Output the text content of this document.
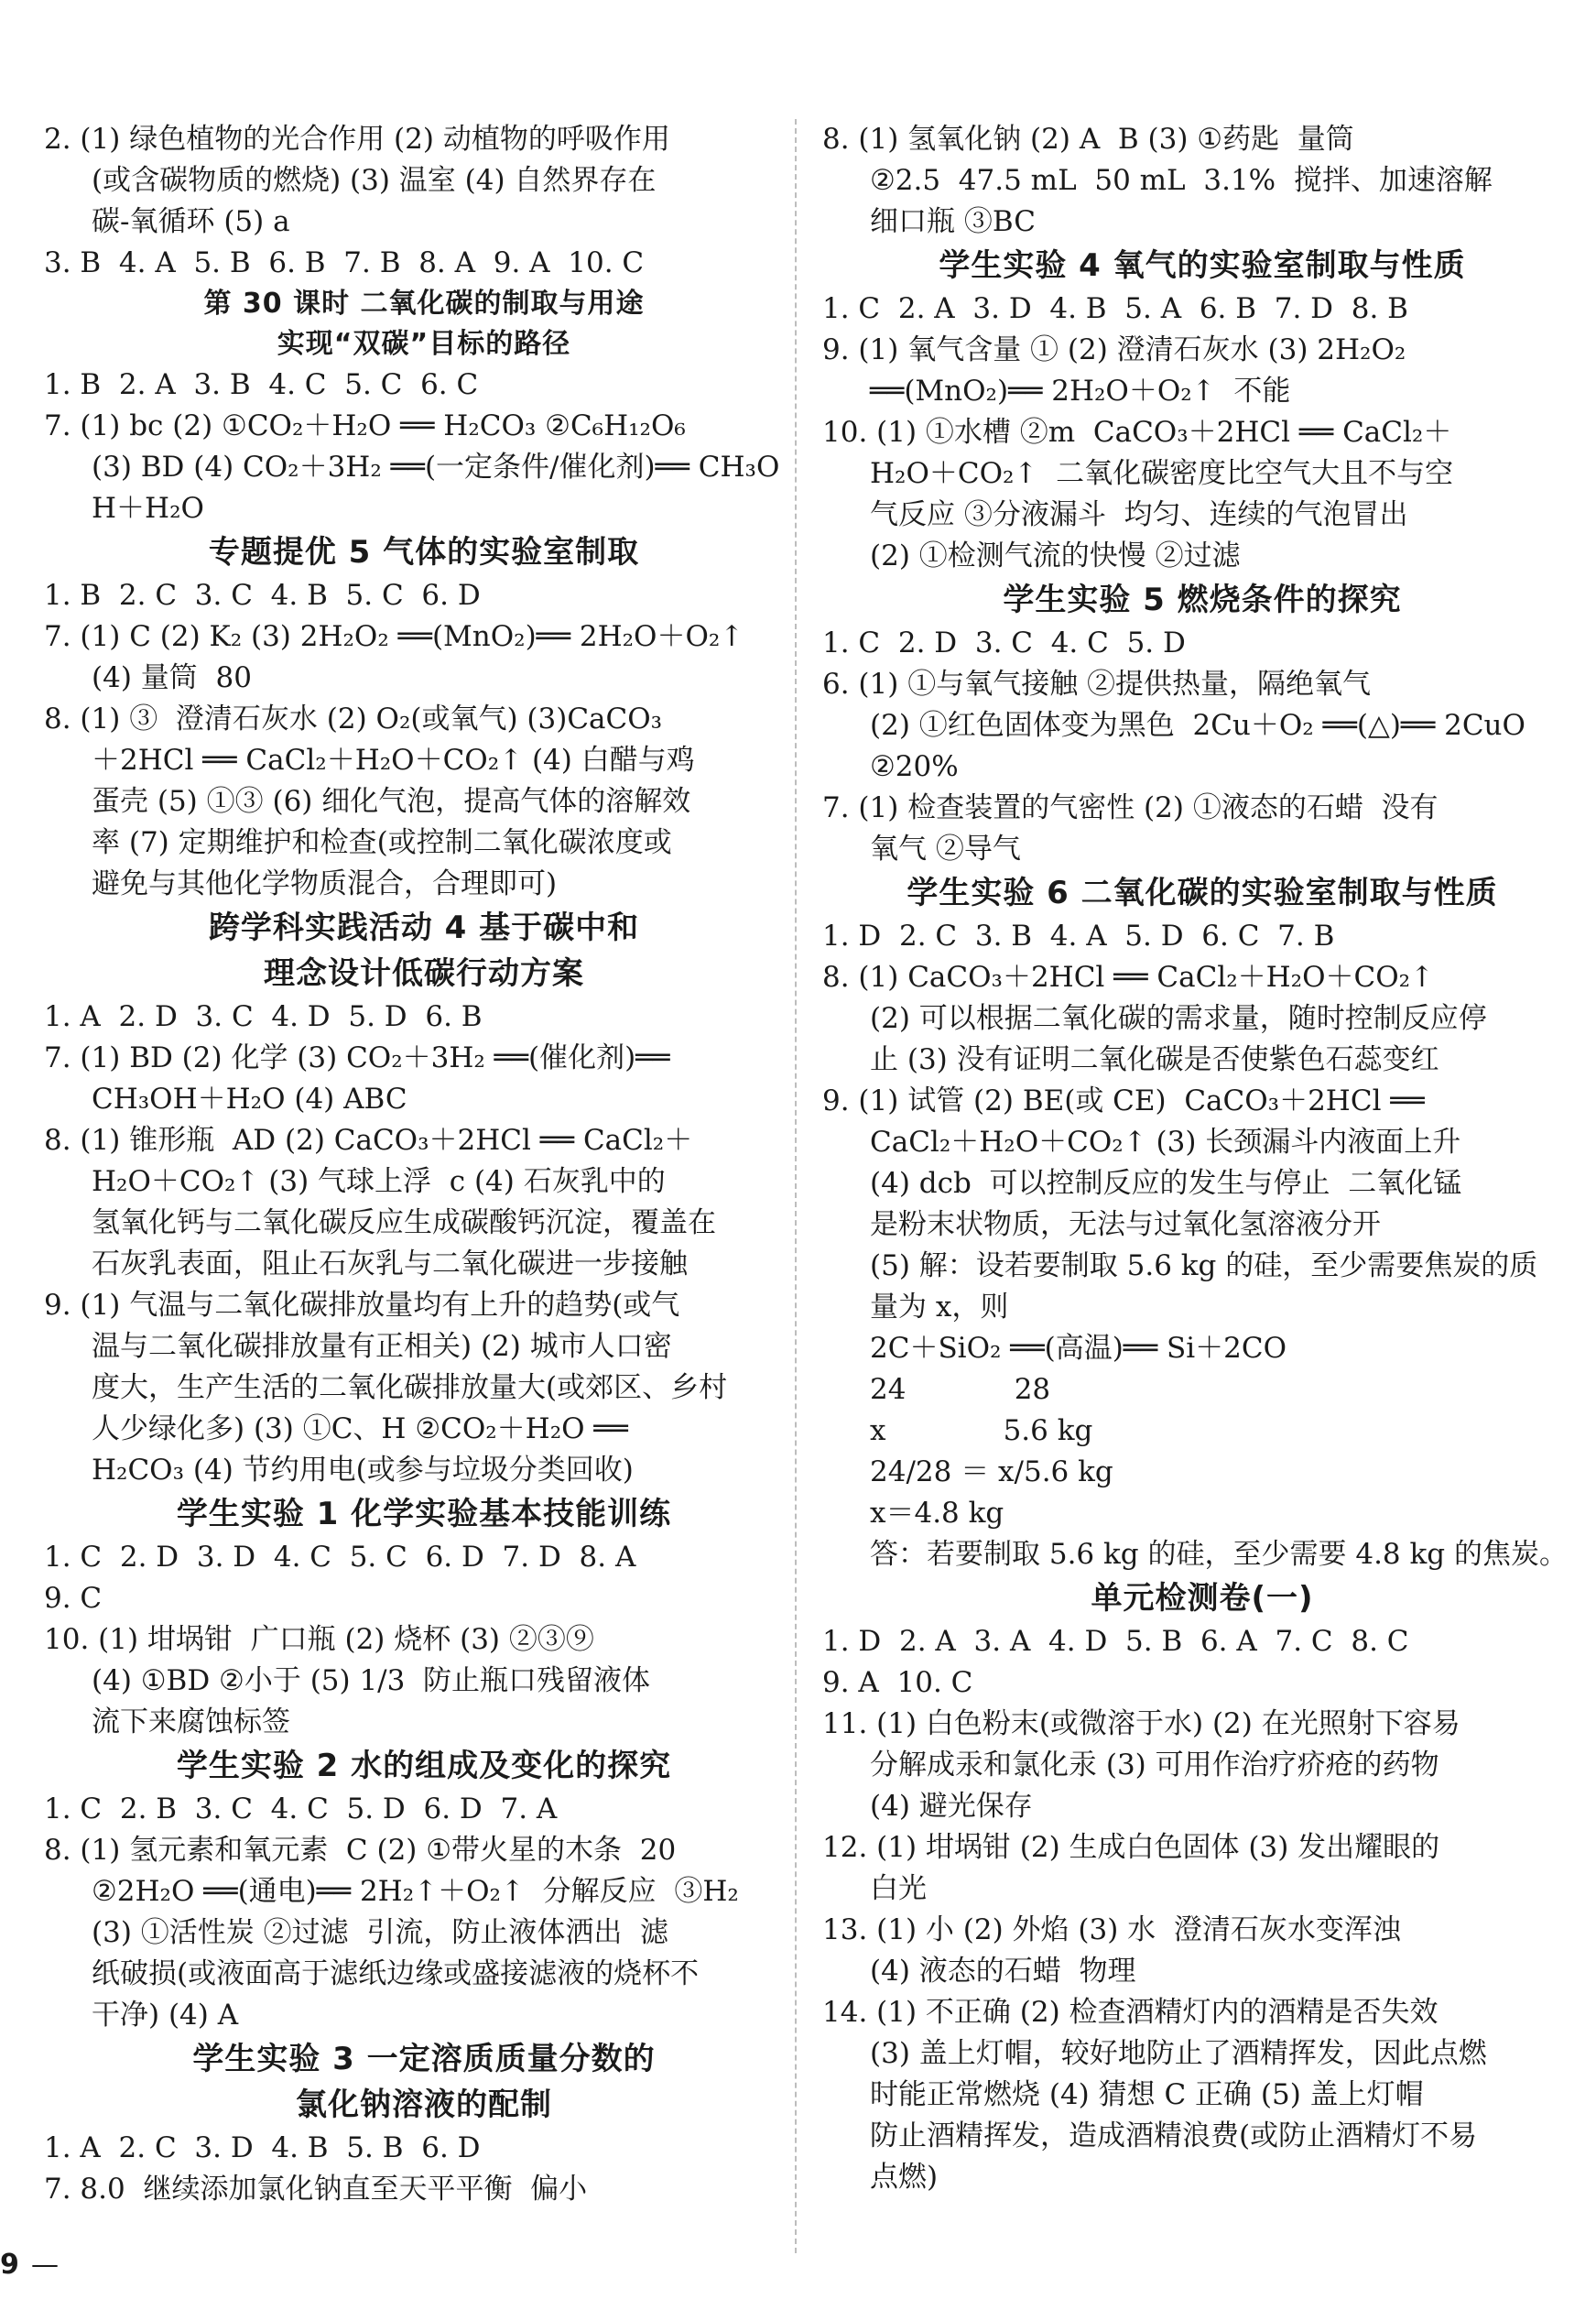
2. (1) 绿色植物的光合作用 (2) 动植物的呼吸作用
(或含碳物质的燃烧) (3) 温室 (4) 自然界存在
碳-氧循环 (5) a
3. B  4. A  5. B  6. B  7. B  8. A  9. A  10. C
第 30 课时 二氧化碳的制取与用途
实现“双碳”目标的路径
1. B  2. A  3. B  4. C  5. C  6. C
7. (1) bc (2) ①CO₂＋H₂O ══ H₂CO₃ ②C₆H₁₂O₆
(3) BD (4) CO₂＋3H₂ ══(一定条件/催化剂)══ CH₃OH＋H₂O
专题提优 5 气体的实验室制取
1. B  2. C  3. C  4. B  5. C  6. D
7. (1) C (2) K₂ (3) 2H₂O₂ ══(MnO₂)══ 2H₂O＋O₂↑
(4) 量筒  80
8. (1) ③  澄清石灰水 (2) O₂(或氧气) (3)CaCO₃
＋2HCl ══ CaCl₂＋H₂O＋CO₂↑ (4) 白醋与鸡
蛋壳 (5) ①③ (6) 细化气泡，提高气体的溶解效
率 (7) 定期维护和检查(或控制二氧化碳浓度或
避免与其他化学物质混合，合理即可)
跨学科实践活动 4 基于碳中和
理念设计低碳行动方案
1. A  2. D  3. C  4. D  5. D  6. B
7. (1) BD (2) 化学 (3) CO₂＋3H₂ ══(催化剂)══
CH₃OH＋H₂O (4) ABC
8. (1) 锥形瓶  AD (2) CaCO₃＋2HCl ══ CaCl₂＋
H₂O＋CO₂↑ (3) 气球上浮  c (4) 石灰乳中的
氢氧化钙与二氧化碳反应生成碳酸钙沉淀，覆盖在
石灰乳表面，阻止石灰乳与二氧化碳进一步接触
9. (1) 气温与二氧化碳排放量均有上升的趋势(或气
温与二氧化碳排放量有正相关) (2) 城市人口密
度大，生产生活的二氧化碳排放量大(或郊区、乡村
人少绿化多) (3) ①C、H ②CO₂＋H₂O ══
H₂CO₃ (4) 节约用电(或参与垃圾分类回收)
学生实验 1 化学实验基本技能训练
1. C  2. D  3. D  4. C  5. C  6. D  7. D  8. A
9. C
10. (1) 坩埚钳  广口瓶 (2) 烧杯 (3) ②③⑨
(4) ①BD ②小于 (5) 1/3  防止瓶口残留液体
流下来腐蚀标签
学生实验 2 水的组成及变化的探究
1. C  2. B  3. C  4. C  5. D  6. D  7. A
8. (1) 氢元素和氧元素  C (2) ①带火星的木条  20
②2H₂O ══(通电)══ 2H₂↑＋O₂↑  分解反应  ③H₂
(3) ①活性炭 ②过滤  引流，防止液体洒出  滤
纸破损(或液面高于滤纸边缘或盛接滤液的烧杯不
干净) (4) A
学生实验 3 一定溶质质量分数的
氯化钠溶液的配制
1. A  2. C  3. D  4. B  5. B  6. D
7. 8.0  继续添加氯化钠直至天平平衡  偏小
8. (1) 氢氧化钠 (2) A  B (3) ①药匙  量筒
②2.5  47.5 mL  50 mL  3.1%  搅拌、加速溶解
细口瓶 ③BC
学生实验 4 氧气的实验室制取与性质
1. C  2. A  3. D  4. B  5. A  6. B  7. D  8. B
9. (1) 氧气含量 ① (2) 澄清石灰水 (3) 2H₂O₂
══(MnO₂)══ 2H₂O＋O₂↑  不能
10. (1) ①水槽 ②m  CaCO₃＋2HCl ══ CaCl₂＋
H₂O＋CO₂↑  二氧化碳密度比空气大且不与空
气反应 ③分液漏斗  均匀、连续的气泡冒出
(2) ①检测气流的快慢 ②过滤
学生实验 5 燃烧条件的探究
1. C  2. D  3. C  4. C  5. D
6. (1) ①与氧气接触 ②提供热量，隔绝氧气
(2) ①红色固体变为黑色  2Cu＋O₂ ══(△)══ 2CuO
②20%
7. (1) 检查装置的气密性 (2) ①液态的石蜡  没有
氧气 ②导气
学生实验 6 二氧化碳的实验室制取与性质
1. D  2. C  3. B  4. A  5. D  6. C  7. B
8. (1) CaCO₃＋2HCl ══ CaCl₂＋H₂O＋CO₂↑
(2) 可以根据二氧化碳的需求量，随时控制反应停
止 (3) 没有证明二氧化碳是否使紫色石蕊变红
9. (1) 试管 (2) BE(或 CE)  CaCO₃＋2HCl ══
CaCl₂＋H₂O＋CO₂↑ (3) 长颈漏斗内液面上升
(4) dcb  可以控制反应的发生与停止  二氧化锰
是粉末状物质，无法与过氧化氢溶液分开
(5) 解：设若要制取 5.6 kg 的硅，至少需要焦炭的质
量为 x，则
2C＋SiO₂ ══(高温)══ Si＋2CO
24            28
x             5.6 kg
24/28 ＝ x/5.6 kg
x＝4.8 kg
答：若要制取 5.6 kg 的硅，至少需要 4.8 kg 的焦炭。
单元检测卷(一)
1. D  2. A  3. A  4. D  5. B  6. A  7. C  8. C
9. A  10. C
11. (1) 白色粉末(或微溶于水) (2) 在光照射下容易
分解成汞和氯化汞 (3) 可用作治疗疥疮的药物
(4) 避光保存
12. (1) 坩埚钳 (2) 生成白色固体 (3) 发出耀眼的
白光
13. (1) 小 (2) 外焰 (3) 水  澄清石灰水变浑浊
(4) 液态的石蜡  物理
14. (1) 不正确 (2) 检查酒精灯内的酒精是否失效
(3) 盖上灯帽，较好地防止了酒精挥发，因此点燃
时能正常燃烧 (4) 猜想 C 正确 (5) 盖上灯帽
防止酒精挥发，造成酒精浪费(或防止酒精灯不易
点燃)
9 —
